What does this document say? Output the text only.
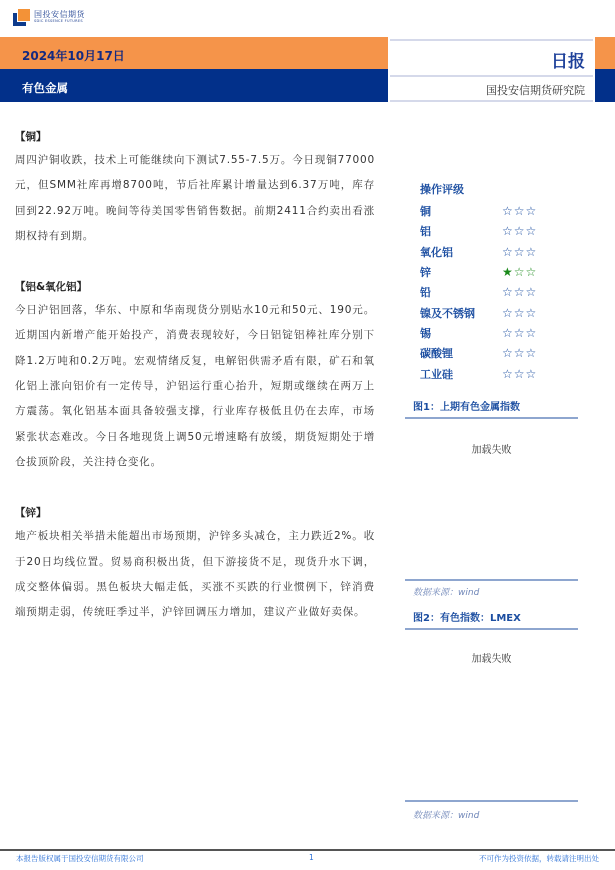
国投安信期货
SDIC ESSENCE FUTURES
2024年10月17日
有色金属
日报
国投安信期货研究院
【铜】

周四沪铜收跌，技术上可能继续向下测试7.55-7.5万。今日现铜77000元，但SMM社库再增8700吨，节后社库累计增量达到6.37万吨，库存回到22.92万吨。晚间等待美国零售销售数据。前期2411合约卖出看涨期权持有到期。

【铝&氧化铝】

今日沪铝回落，华东、中原和华南现货分别贴水10元和50元、190元。近期国内新增产能开始投产，消费表现较好，今日铝锭铝棒社库分别下降1.2万吨和0.2万吨。宏观情绪反复，电解铝供需矛盾有限，矿石和氧化铝上涨向铝价有一定传导，沪铝运行重心抬升，短期或继续在两万上方震荡。氧化铝基本面具备较强支撑，行业库存极低且仍在去库，市场紧张状态难改。今日各地现货上调50元增速略有放缓，期货短期处于增仓拔顶阶段，关注持仓变化。

【锌】

地产板块相关举措未能超出市场预期，沪锌多头减仓，主力跌近2%。收于20日均线位置。贸易商积极出货，但下游接货不足，现货升水下调，成交整体偏弱。黑色板块大幅走低，买涨不买跌的行业惯例下，锌消费端预期走弱，传统旺季过半，沪锌回调压力增加，建议产业做好卖保。

操作评级
铜	☆ ☆ ☆
铝	☆ ☆ ☆
氧化铝	☆ ☆ ☆
锌	★ ☆ ☆
铅	☆ ☆ ☆
镍及不锈钢	☆ ☆ ☆
锡	☆ ☆ ☆
碳酸锂	☆ ☆ ☆
工业硅	☆ ☆ ☆
图1：上期有色金属指数
加载失败
数据来源：wind
图2：有色指数：LMEX
加载失败
数据来源：wind
本报告版权属于国投安信期货有限公司	1	不可作为投资依据，转载请注明出处
